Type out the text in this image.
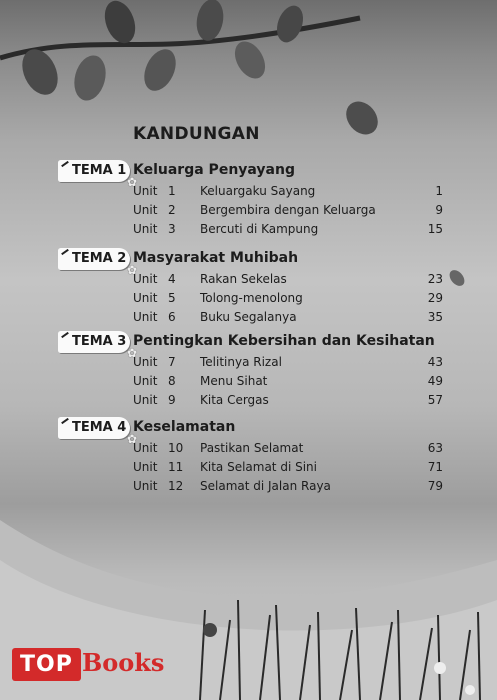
KANDUNGAN
TEMA 1
✿
Keluarga Penyayang
Unit 1 Keluargaku Sayang	1
Unit 2 Bergembira dengan Keluarga	9
Unit 3 Bercuti di Kampung	15
TEMA 2
✿
Masyarakat Muhibah
Unit 4 Rakan Sekelas	23
Unit 5 Tolong-menolong	29
Unit 6 Buku Segalanya	35
TEMA 3
✿
Pentingkan Kebersihan dan Kesihatan
Unit 7 Telitinya Rizal	43
Unit 8 Menu Sihat	49
Unit 9 Kita Cergas	57
TEMA 4
✿
Keselamatan
Unit 10 Pastikan Selamat	63
Unit 11 Kita Selamat di Sini	71
Unit 12 Selamat di Jalan Raya	79
TOP Books
